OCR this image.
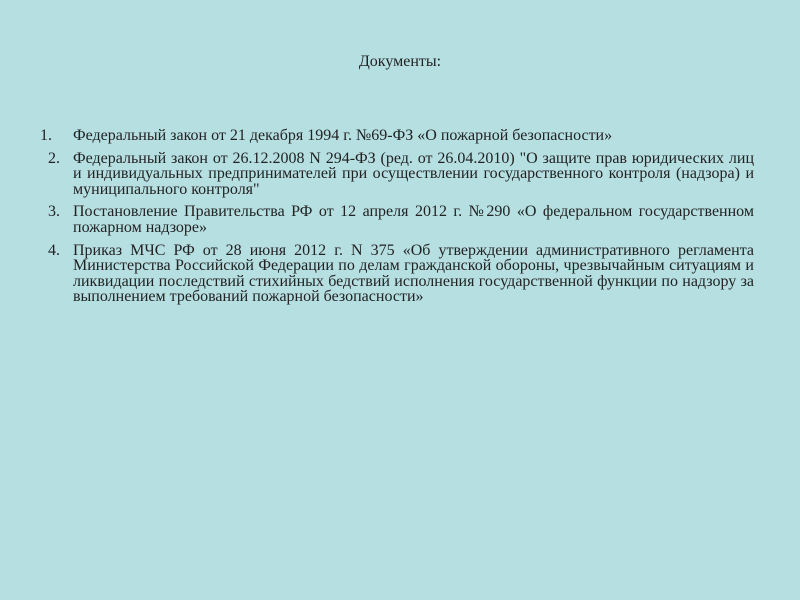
Документы:
1.	Федеральный закон от 21 декабря 1994 г. №69-ФЗ «О пожарной безопасности»
2. Федеральный закон от 26.12.2008 N 294-ФЗ (ред. от 26.04.2010) "О защите прав юридических лиц и индивидуальных предпринимателей при осуществлении государственного контроля (надзора) и муниципального контроля"
3. Постановление Правительства РФ от 12 апреля 2012 г. №290 «О федеральном государственном пожарном надзоре»
4. Приказ МЧС РФ от 28 июня 2012 г. N 375 «Об утверждении административного регламента Министерства Российской Федерации по делам гражданской обороны, чрезвычайным ситуациям и ликвидации последствий стихийных бедствий исполнения государственной функции по надзору за выполнением требований пожарной безопасности»
